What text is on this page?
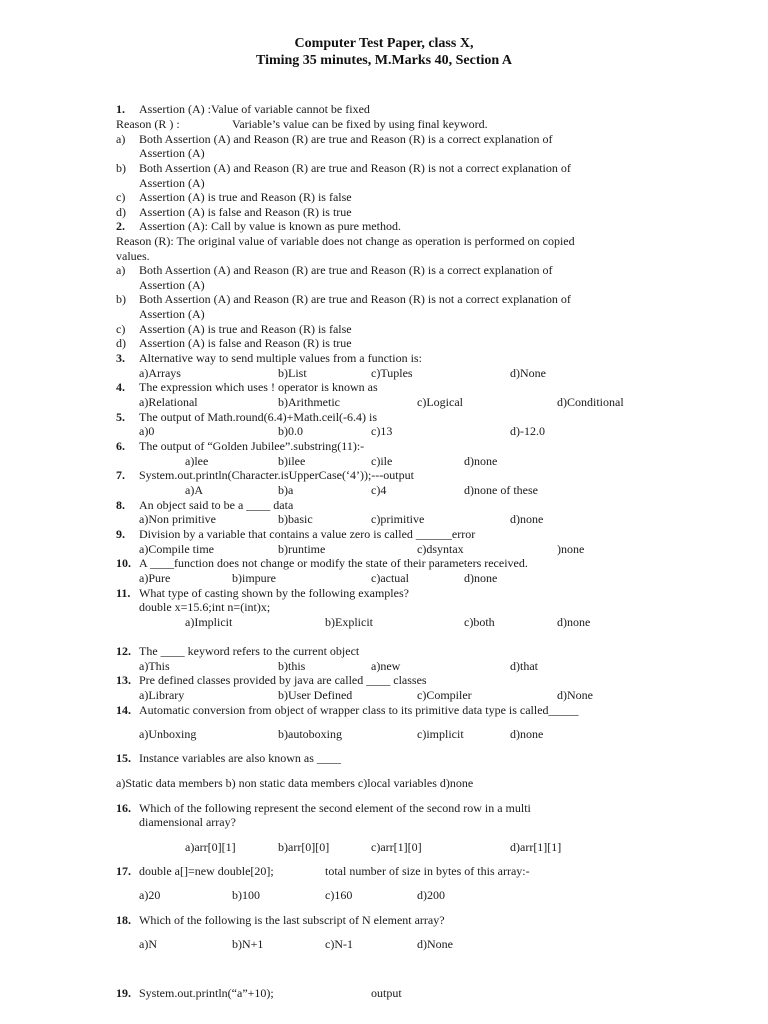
Computer Test Paper, class X,
Timing 35 minutes, M.Marks 40, Section A
1. Assertion (A) :Value of variable cannot be fixed
Reason (R ) :	Variable’s value can be fixed by using final keyword.
a) Both Assertion (A) and Reason (R) are true and Reason (R) is a correct explanation of
Assertion (A)
b) Both Assertion (A) and Reason (R) are true and Reason (R) is not a correct explanation of
Assertion (A)
c) Assertion (A) is true and Reason (R) is false
d) Assertion (A) is false and Reason (R) is true
2. Assertion (A): Call by value is known as pure method.
Reason (R): The original value of variable does not change as operation is performed on copied
values.
a) Both Assertion (A) and Reason (R) are true and Reason (R) is a correct explanation of
Assertion (A)
b) Both Assertion (A) and Reason (R) are true and Reason (R) is not a correct explanation of
Assertion (A)
c) Assertion (A) is true and Reason (R) is false
d) Assertion (A) is false and Reason (R) is true
3. Alternative way to send multiple values from a function is:
a)Arrays	b)List	c)Tuples	d)None
4. The expression which uses ! operator is known as
a)Relational	b)Arithmetic	c)Logical	d)Conditional
5. The output of Math.round(6.4)+Math.ceil(-6.4) is
a)0	b)0.0	c)13	d)-12.0
6. The output of “Golden Jubilee”.substring(11):-
a)lee	b)ilee	c)ile	d)none
7. System.out.println(Character.isUpperCase(‘4’));---output
a)A	b)a	c)4	d)none of these
8. An object said to be a ____ data
a)Non primitive	b)basic	c)primitive	d)none
9. Division by a variable that contains a value zero is called ______error
a)Compile time	b)runtime	c)dsyntax	)none
10. A ____function does not change or modify the state of their parameters received.
a)Pure	b)impure	c)actual	d)none
11. What type of casting shown by the following examples?
double x=15.6;int n=(int)x;
a)Implicit	b)Explicit	c)both	d)none
12. The ____ keyword refers to the current object
a)This	b)this	a)new	d)that
13. Pre defined classes provided by java are called ____ classes
a)Library	b)User Defined	c)Compiler	d)None
14. Automatic conversion from object of wrapper class to its primitive data type is called_____
a)Unboxing	b)autoboxing	c)implicit	d)none
15. Instance variables are also known as ____
a)Static data members b) non static data members c)local variables d)none
16. Which of the following represent the second element of the second row in a multi
diamensional array?
a)arr[0][1]	b)arr[0][0]	c)arr[1][0]	d)arr[1][1]
17. double a[]=new double[20];	total number of size in bytes of this array:-
a)20	b)100	c)160	d)200
18. Which of the following is the last subscript of N element array?
a)N	b)N+1	c)N-1	d)None
19. System.out.println(“a”+10);	output
